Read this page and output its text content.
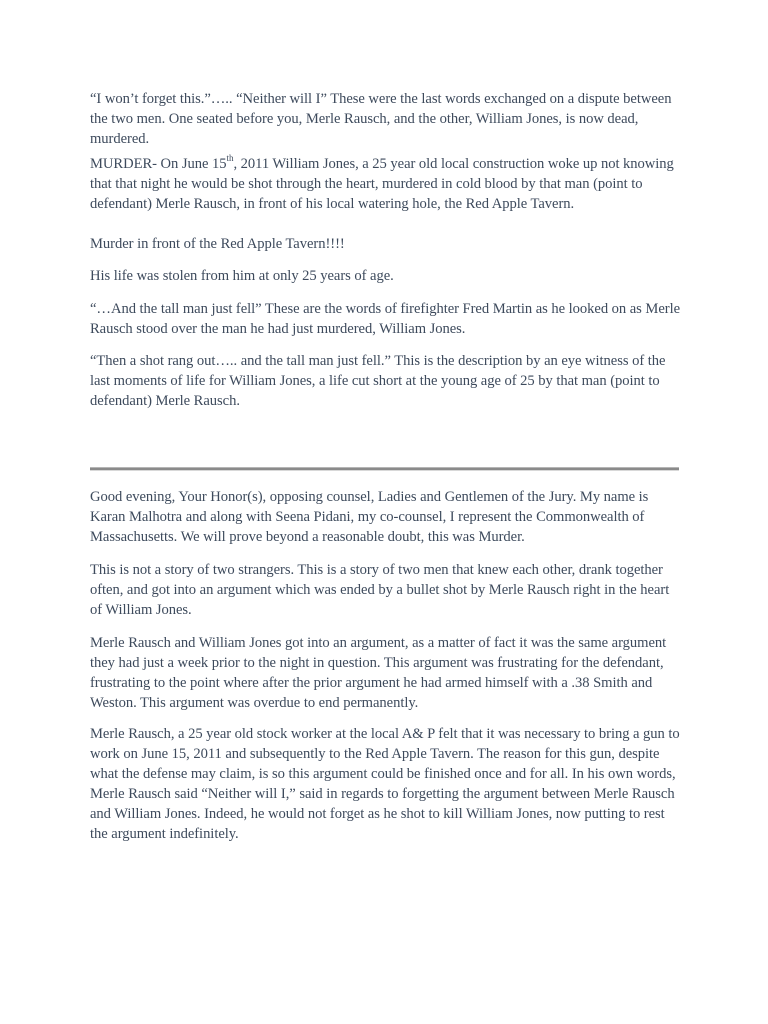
“I won’t forget this.”….. “Neither will I” These were the last words exchanged on a dispute between the two men. One seated before you, Merle Rausch, and the other, William Jones, is now dead, murdered.

MURDER- On June 15th, 2011 William Jones, a 25 year old local construction woke up not knowing that that night he would be shot through the heart, murdered in cold blood by that man (point to defendant) Merle Rausch, in front of his local watering hole, the Red Apple Tavern.

Murder in front of the Red Apple Tavern!!!!

His life was stolen from him at only 25 years of age.

“…And the tall man just fell” These are the words of firefighter Fred Martin as he looked on as Merle Rausch stood over the man he had just murdered, William Jones.

“Then a shot rang out….. and the tall man just fell.” This is the description by an eye witness of the last moments of life for William Jones, a life cut short at the young age of 25 by that man (point to defendant) Merle Rausch.

Good evening, Your Honor(s), opposing counsel, Ladies and Gentlemen of the Jury. My name is Karan Malhotra and along with Seena Pidani, my co-counsel, I represent the Commonwealth of Massachusetts. We will prove beyond a reasonable doubt, this was Murder.

This is not a story of two strangers. This is a story of two men that knew each other, drank together often, and got into an argument which was ended by a bullet shot by Merle Rausch right in the heart of William Jones.

Merle Rausch and William Jones got into an argument, as a matter of fact it was the same argument they had just a week prior to the night in question. This argument was frustrating for the defendant, frustrating to the point where after the prior argument he had armed himself with a .38 Smith and Weston. This argument was overdue to end permanently.

Merle Rausch, a 25 year old stock worker at the local A& P felt that it was necessary to bring a gun to work on June 15, 2011 and subsequently to the Red Apple Tavern. The reason for this gun, despite what the defense may claim, is so this argument could be finished once and for all. In his own words, Merle Rausch said “Neither will I,” said in regards to forgetting the argument between Merle Rausch and William Jones. Indeed, he would not forget as he shot to kill William Jones, now putting to rest the argument indefinitely.
